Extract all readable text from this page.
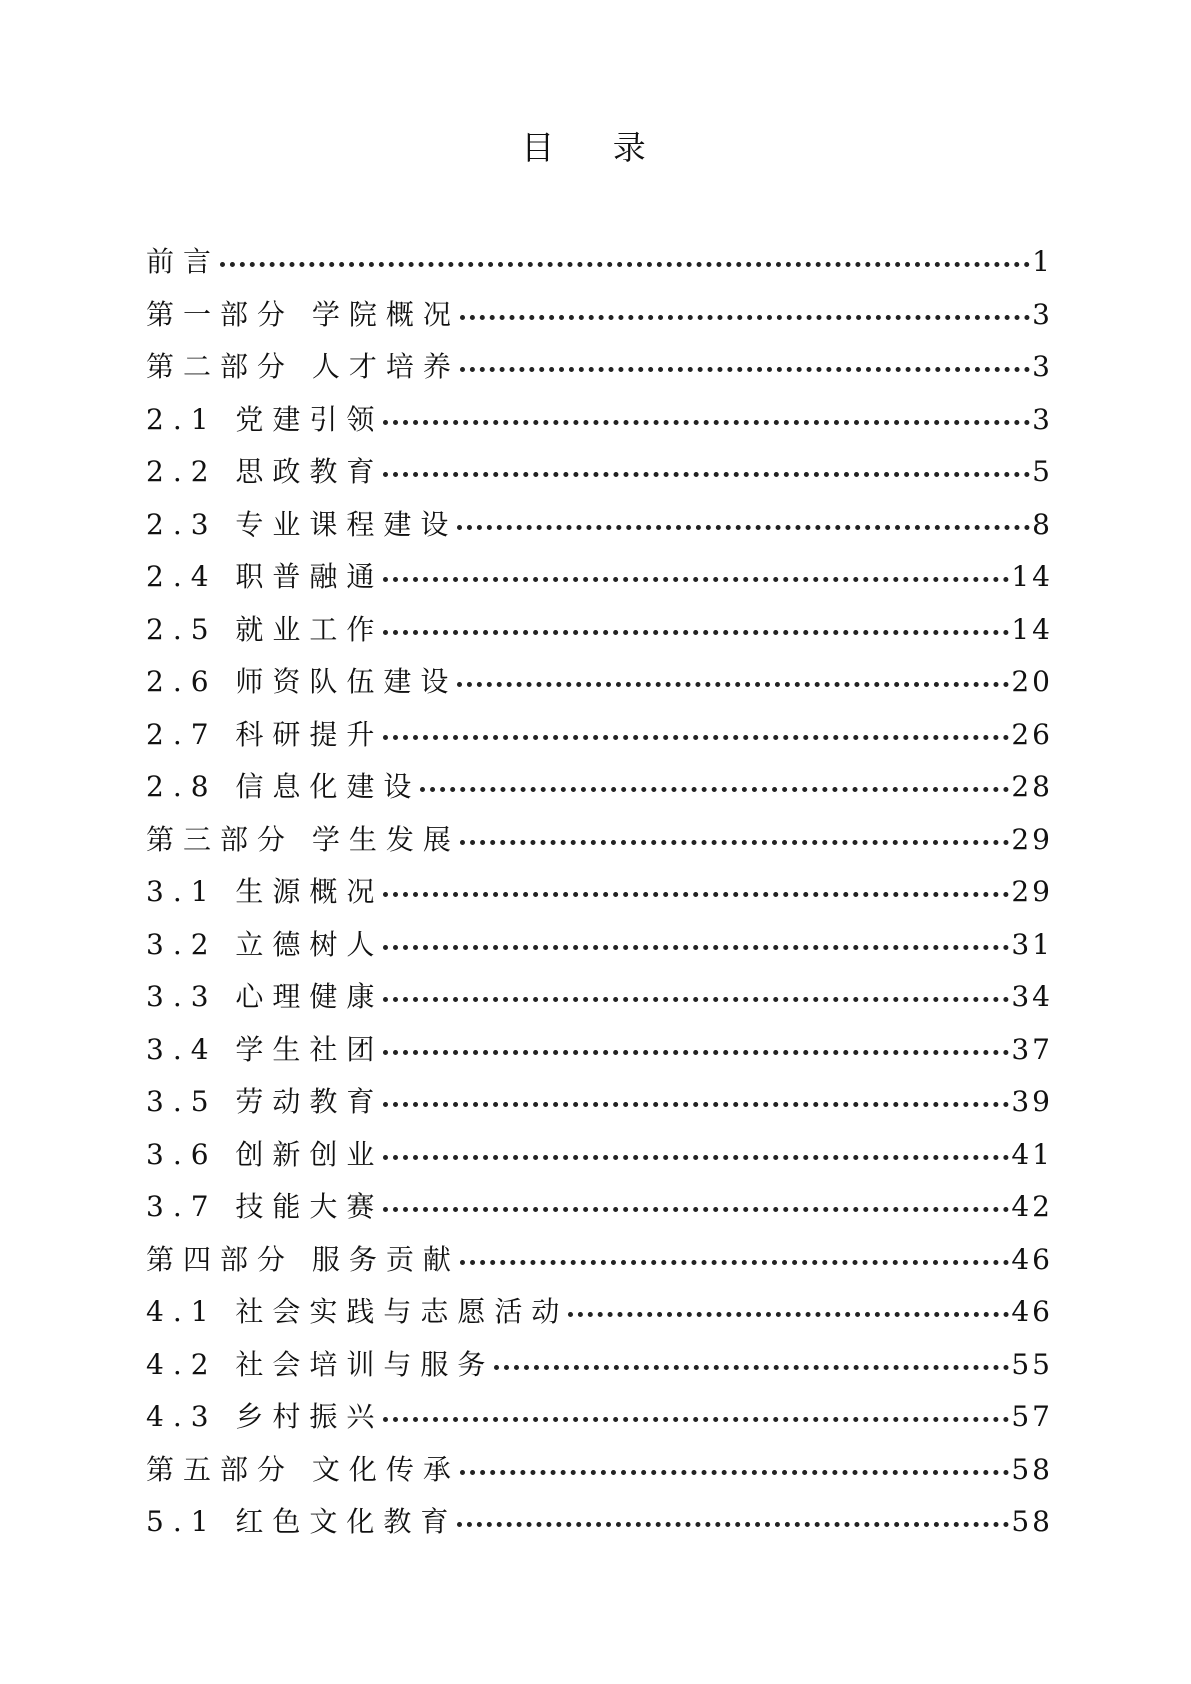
目 录
前言	1
第一部分 学院概况	3
第二部分 人才培养	3
2.1 党建引领	3
2.2 思政教育	5
2.3 专业课程建设	8
2.4 职普融通	14
2.5 就业工作	14
2.6 师资队伍建设	20
2.7 科研提升	26
2.8 信息化建设	28
第三部分 学生发展	29
3.1 生源概况	29
3.2 立德树人	31
3.3 心理健康	34
3.4 学生社团	37
3.5 劳动教育	39
3.6 创新创业	41
3.7 技能大赛	42
第四部分 服务贡献	46
4.1 社会实践与志愿活动	46
4.2 社会培训与服务	55
4.3 乡村振兴	57
第五部分 文化传承	58
5.1 红色文化教育	58
